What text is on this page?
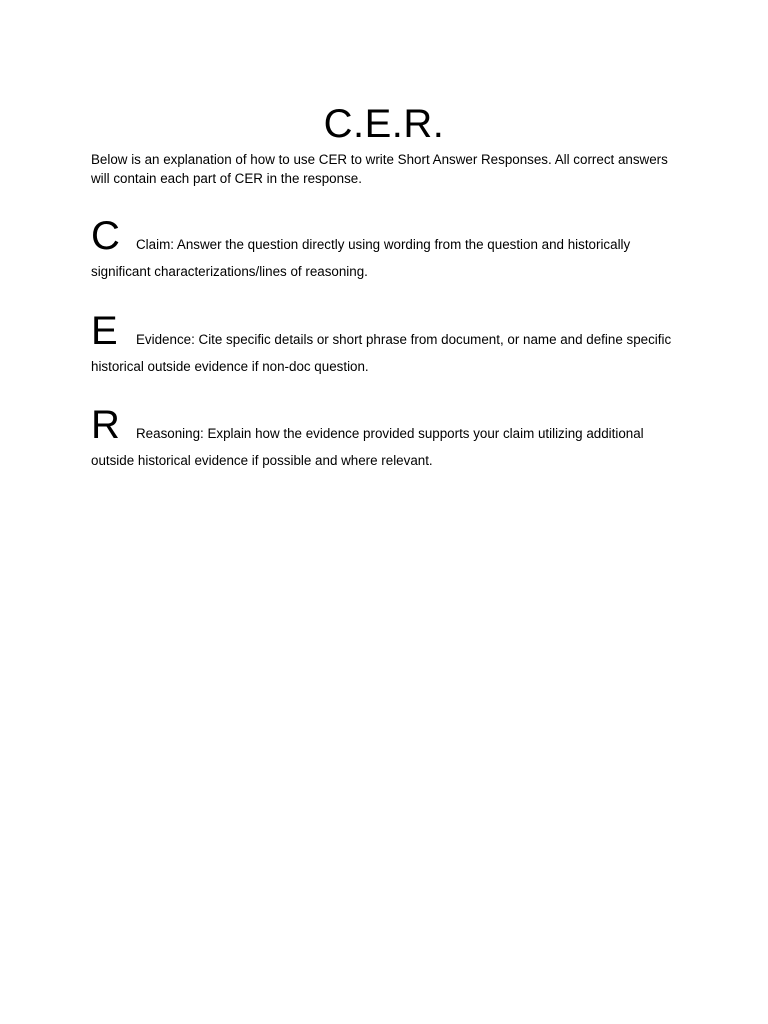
C.E.R.

Below is an explanation of how to use CER to write Short Answer Responses. All correct answers will contain each part of CER in the response.

C Claim: Answer the question directly using wording from the question and historically significant characterizations/lines of reasoning.

E Evidence: Cite specific details or short phrase from document, or name and define specific historical outside evidence if non-doc question.

R Reasoning: Explain how the evidence provided supports your claim utilizing additional outside historical evidence if possible and where relevant.
